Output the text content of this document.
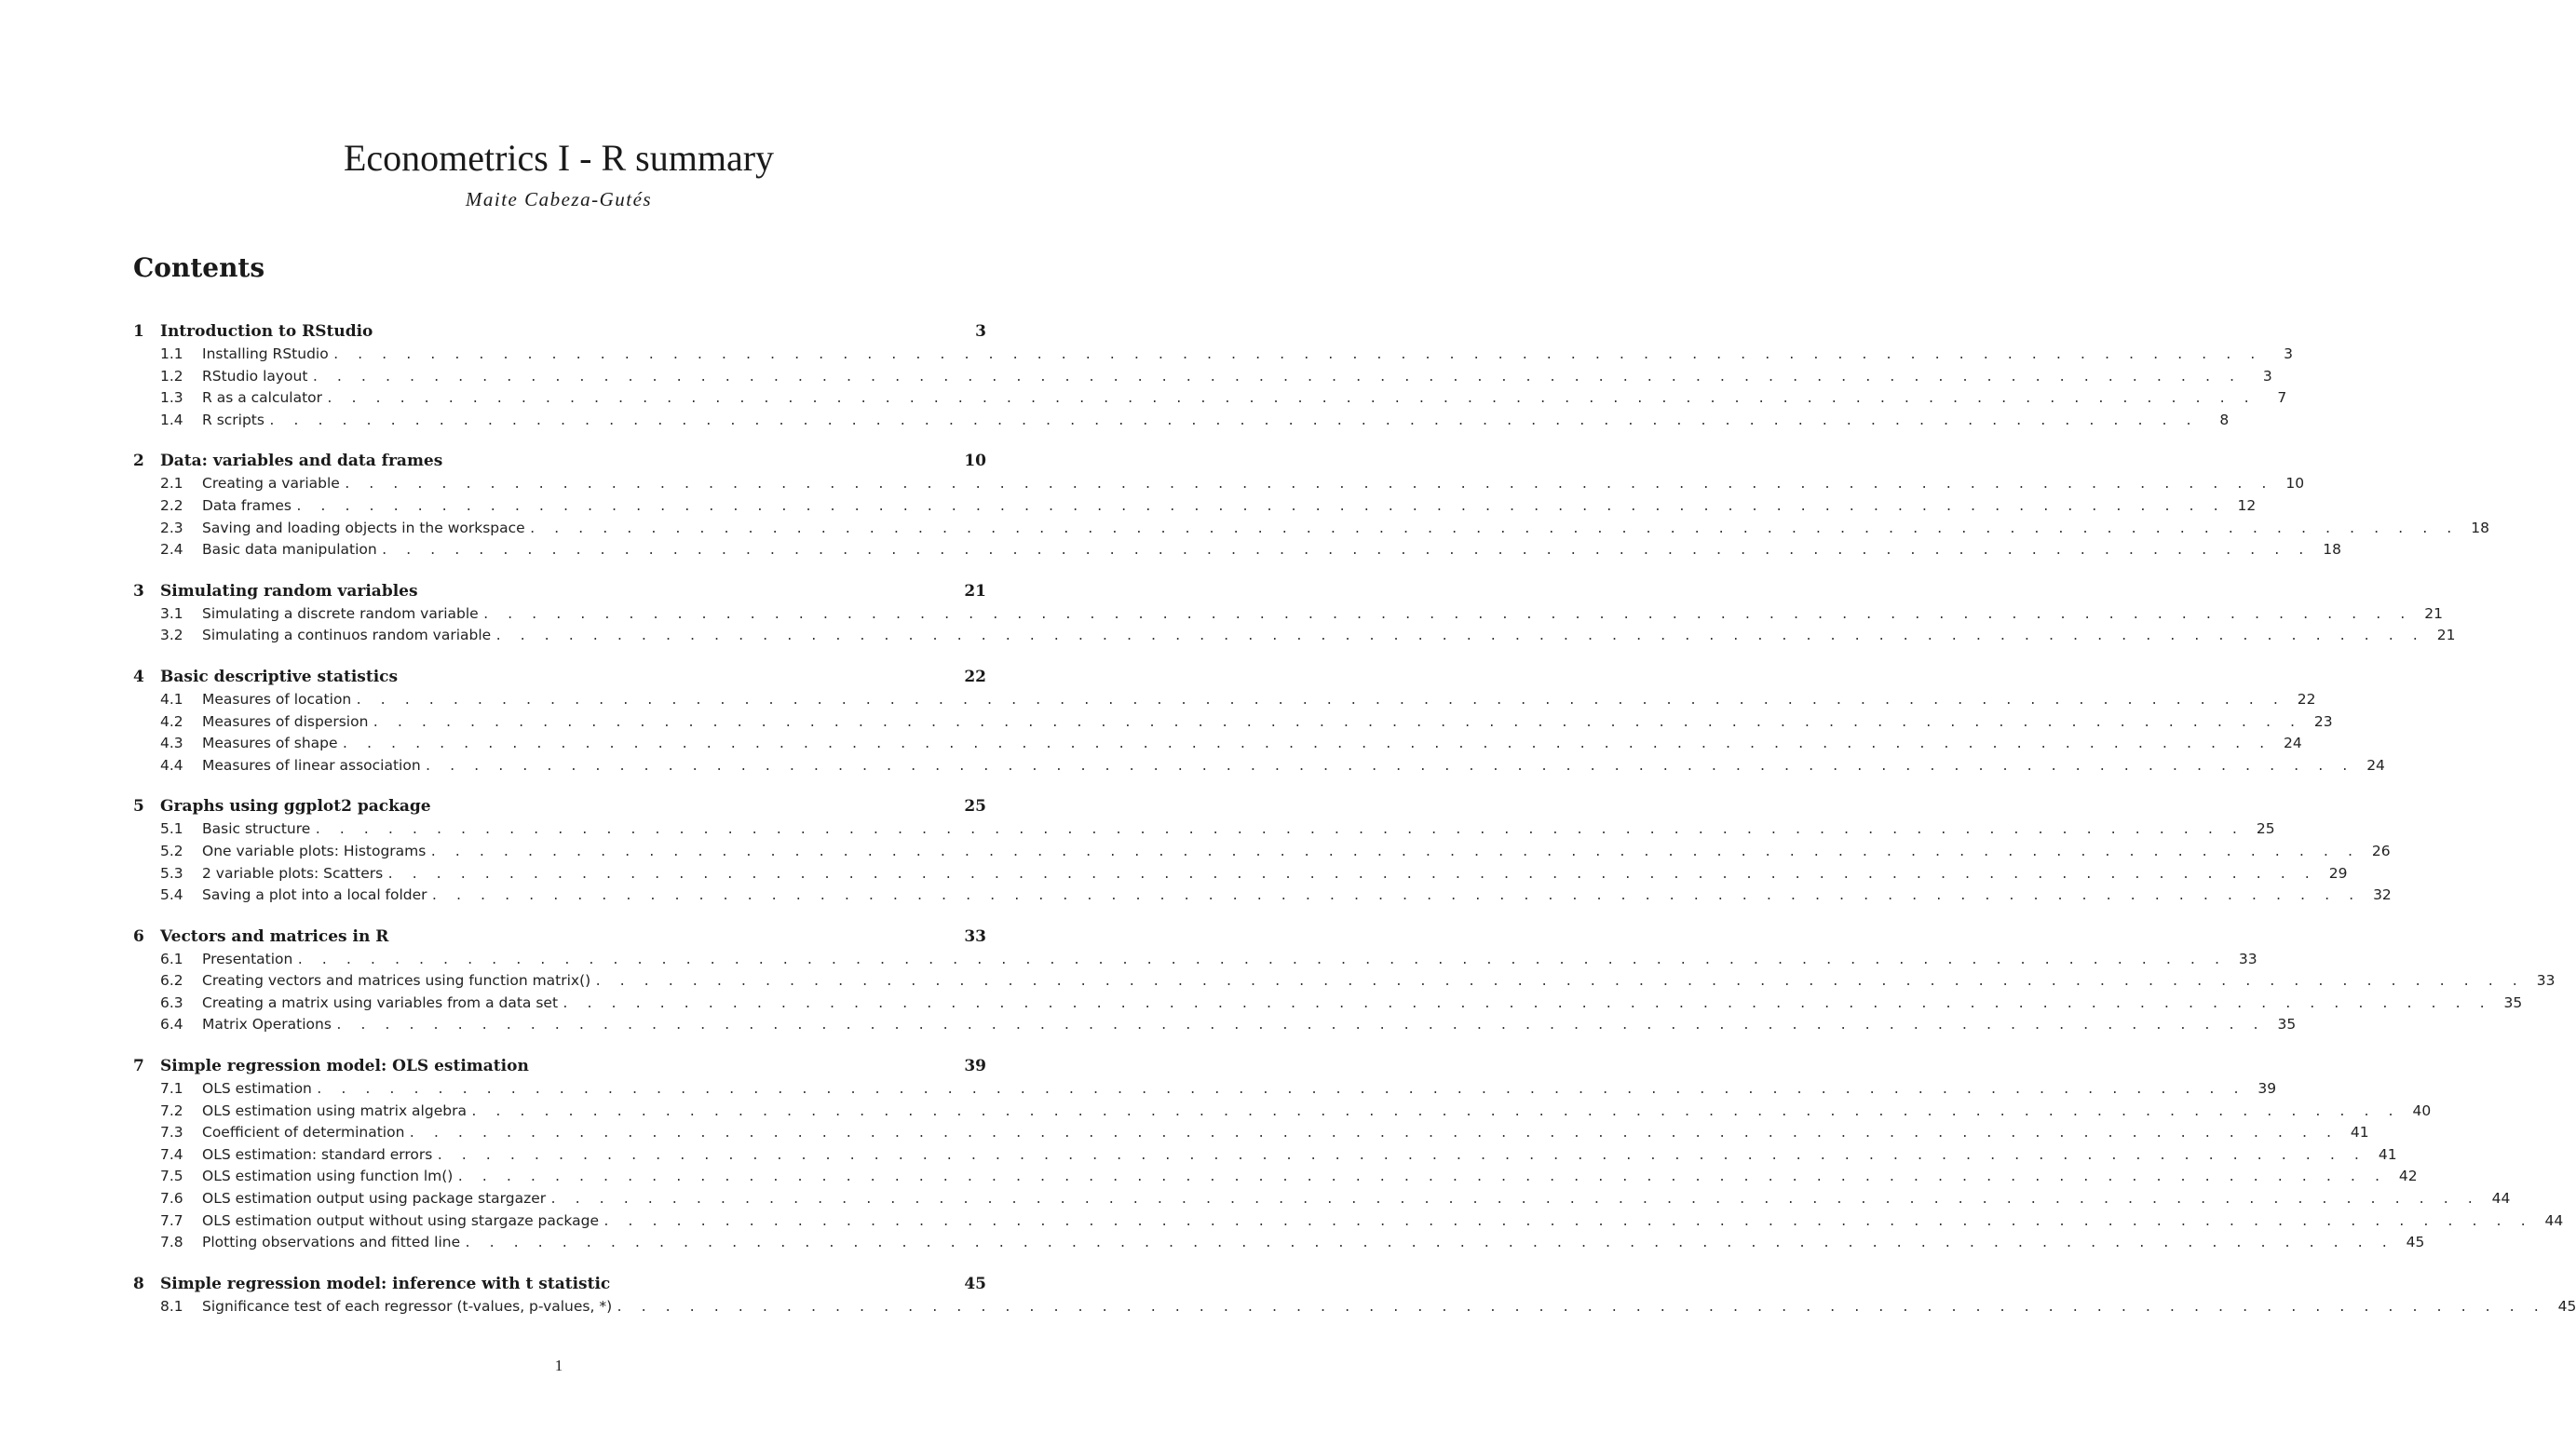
Econometrics I - R summary
Maite Cabeza-Gutés
Contents
1	Introduction to RStudio	3
1.1	Installing RStudio . . . . . . . . . . . . . . . . . . . . . . . . . . . . . . . . . . . . . . . . . . . . . . . . . . . . . . . . . . . . . . . . . . . . . . . . . . . . . . . .	3
1.2	RStudio layout . . . . . . . . . . . . . . . . . . . . . . . . . . . . . . . . . . . . . . . . . . . . . . . . . . . . . . . . . . . . . . . . . . . . . . . . . . . . . . . .	3
1.3	R as a calculator . . . . . . . . . . . . . . . . . . . . . . . . . . . . . . . . . . . . . . . . . . . . . . . . . . . . . . . . . . . . . . . . . . . . . . . . . . . . . . . .	7
1.4	R scripts . . . . . . . . . . . . . . . . . . . . . . . . . . . . . . . . . . . . . . . . . . . . . . . . . . . . . . . . . . . . . . . . . . . . . . . . . . . . . . . .	8
2	Data: variables and data frames	10
2.1	Creating a variable . . . . . . . . . . . . . . . . . . . . . . . . . . . . . . . . . . . . . . . . . . . . . . . . . . . . . . . . . . . . . . . . . . . . . . . . . . . . . . . . 10
2.2	Data frames . . . . . . . . . . . . . . . . . . . . . . . . . . . . . . . . . . . . . . . . . . . . . . . . . . . . . . . . . . . . . . . . . . . . . . . . . . . . . . . . 12
2.3	Saving and loading objects in the workspace . . . . . . . . . . . . . . . . . . . . . . . . . . . . . . . . . . . . . . . . . . . . . . . . . . . . . . . . . . . . . . . . . . . . . . . . . . . . . . . . 18
2.4	Basic data manipulation . . . . . . . . . . . . . . . . . . . . . . . . . . . . . . . . . . . . . . . . . . . . . . . . . . . . . . . . . . . . . . . . . . . . . . . . . . . . . . . . 18
3	Simulating random variables	21
3.1	Simulating a discrete random variable . . . . . . . . . . . . . . . . . . . . . . . . . . . . . . . . . . . . . . . . . . . . . . . . . . . . . . . . . . . . . . . . . . . . . . . . . . . . . . . . 21
3.2	Simulating a continuos random variable . . . . . . . . . . . . . . . . . . . . . . . . . . . . . . . . . . . . . . . . . . . . . . . . . . . . . . . . . . . . . . . . . . . . . . . . . . . . . . . . 21
4	Basic descriptive statistics	22
4.1	Measures of location . . . . . . . . . . . . . . . . . . . . . . . . . . . . . . . . . . . . . . . . . . . . . . . . . . . . . . . . . . . . . . . . . . . . . . . . . . . . . . . . 22
4.2	Measures of dispersion . . . . . . . . . . . . . . . . . . . . . . . . . . . . . . . . . . . . . . . . . . . . . . . . . . . . . . . . . . . . . . . . . . . . . . . . . . . . . . . . 23
4.3	Measures of shape . . . . . . . . . . . . . . . . . . . . . . . . . . . . . . . . . . . . . . . . . . . . . . . . . . . . . . . . . . . . . . . . . . . . . . . . . . . . . . . . 24
4.4	Measures of linear association . . . . . . . . . . . . . . . . . . . . . . . . . . . . . . . . . . . . . . . . . . . . . . . . . . . . . . . . . . . . . . . . . . . . . . . . . . . . . . . . 24
5	Graphs using ggplot2 package	25
5.1	Basic structure . . . . . . . . . . . . . . . . . . . . . . . . . . . . . . . . . . . . . . . . . . . . . . . . . . . . . . . . . . . . . . . . . . . . . . . . . . . . . . . . 25
5.2	One variable plots: Histograms . . . . . . . . . . . . . . . . . . . . . . . . . . . . . . . . . . . . . . . . . . . . . . . . . . . . . . . . . . . . . . . . . . . . . . . . . . . . . . . . 26
5.3	2 variable plots: Scatters . . . . . . . . . . . . . . . . . . . . . . . . . . . . . . . . . . . . . . . . . . . . . . . . . . . . . . . . . . . . . . . . . . . . . . . . . . . . . . . . 29
5.4	Saving a plot into a local folder . . . . . . . . . . . . . . . . . . . . . . . . . . . . . . . . . . . . . . . . . . . . . . . . . . . . . . . . . . . . . . . . . . . . . . . . . . . . . . . . 32
6	Vectors and matrices in R	33
6.1	Presentation . . . . . . . . . . . . . . . . . . . . . . . . . . . . . . . . . . . . . . . . . . . . . . . . . . . . . . . . . . . . . . . . . . . . . . . . . . . . . . . . 33
6.2	Creating vectors and matrices using function matrix() . . . . . . . . . . . . . . . . . . . . . . . . . . . . . . . . . . . . . . . . . . . . . . . . . . . . . . . . . . . . . . . . . . . . . . . . . . . . . . . . 33
6.3	Creating a matrix using variables from a data set . . . . . . . . . . . . . . . . . . . . . . . . . . . . . . . . . . . . . . . . . . . . . . . . . . . . . . . . . . . . . . . . . . . . . . . . . . . . . . . . 35
6.4	Matrix Operations . . . . . . . . . . . . . . . . . . . . . . . . . . . . . . . . . . . . . . . . . . . . . . . . . . . . . . . . . . . . . . . . . . . . . . . . . . . . . . . . 35
7	Simple regression model: OLS estimation	39
7.1	OLS estimation . . . . . . . . . . . . . . . . . . . . . . . . . . . . . . . . . . . . . . . . . . . . . . . . . . . . . . . . . . . . . . . . . . . . . . . . . . . . . . . . 39
7.2	OLS estimation using matrix algebra . . . . . . . . . . . . . . . . . . . . . . . . . . . . . . . . . . . . . . . . . . . . . . . . . . . . . . . . . . . . . . . . . . . . . . . . . . . . . . . . 40
7.3	Coefficient of determination . . . . . . . . . . . . . . . . . . . . . . . . . . . . . . . . . . . . . . . . . . . . . . . . . . . . . . . . . . . . . . . . . . . . . . . . . . . . . . . . 41
7.4	OLS estimation: standard errors . . . . . . . . . . . . . . . . . . . . . . . . . . . . . . . . . . . . . . . . . . . . . . . . . . . . . . . . . . . . . . . . . . . . . . . . . . . . . . . . 41
7.5	OLS estimation using function lm() . . . . . . . . . . . . . . . . . . . . . . . . . . . . . . . . . . . . . . . . . . . . . . . . . . . . . . . . . . . . . . . . . . . . . . . . . . . . . . . . 42
7.6	OLS estimation output using package stargazer . . . . . . . . . . . . . . . . . . . . . . . . . . . . . . . . . . . . . . . . . . . . . . . . . . . . . . . . . . . . . . . . . . . . . . . . . . . . . . . . 44
7.7	OLS estimation output without using stargaze package . . . . . . . . . . . . . . . . . . . . . . . . . . . . . . . . . . . . . . . . . . . . . . . . . . . . . . . . . . . . . . . . . . . . . . . . . . . . . . . . 44
7.8	Plotting observations and fitted line . . . . . . . . . . . . . . . . . . . . . . . . . . . . . . . . . . . . . . . . . . . . . . . . . . . . . . . . . . . . . . . . . . . . . . . . . . . . . . . . 45
8	Simple regression model: inference with t statistic	45
8.1	Significance test of each regressor (t-values, p-values, *) . . . . . . . . . . . . . . . . . . . . . . . . . . . . . . . . . . . . . . . . . . . . . . . . . . . . . . . . . . . . . . . . . . . . . . . . . . . . . . . . 45
1
